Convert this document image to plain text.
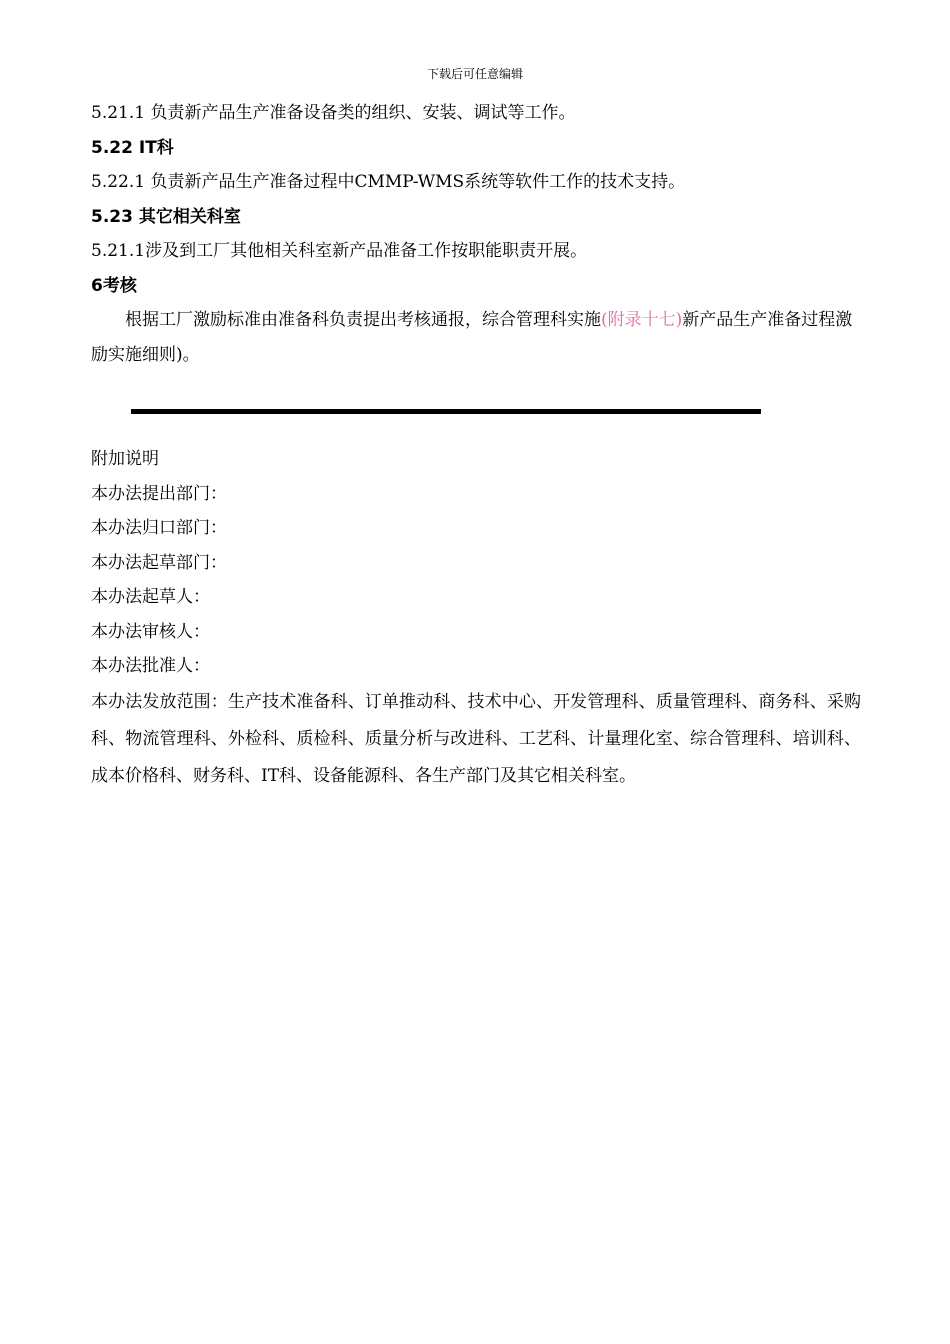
下载后可任意编辑
5.21.1 负责新产品生产准备设备类的组织、安装、调试等工作。
5.22 IT科
5.22.1 负责新产品生产准备过程中CMMP-WMS系统等软件工作的技术支持。
5.23 其它相关科室
5.21.1涉及到工厂其他相关科室新产品准备工作按职能职责开展。
6考核

根据工厂激励标准由准备科负责提出考核通报，综合管理科实施(附录十七)新产品生产准备过程激励实施细则)。

附加说明
本办法提出部门：
本办法归口部门：
本办法起草部门：
本办法起草人：
本办法审核人：
本办法批准人：

本办法发放范围：生产技术准备科、订单推动科、技术中心、开发管理科、质量管理科、商务科、采购科、物流管理科、外检科、质检科、质量分析与改进科、工艺科、计量理化室、综合管理科、培训科、成本价格科、财务科、IT科、设备能源科、各生产部门及其它相关科室。
